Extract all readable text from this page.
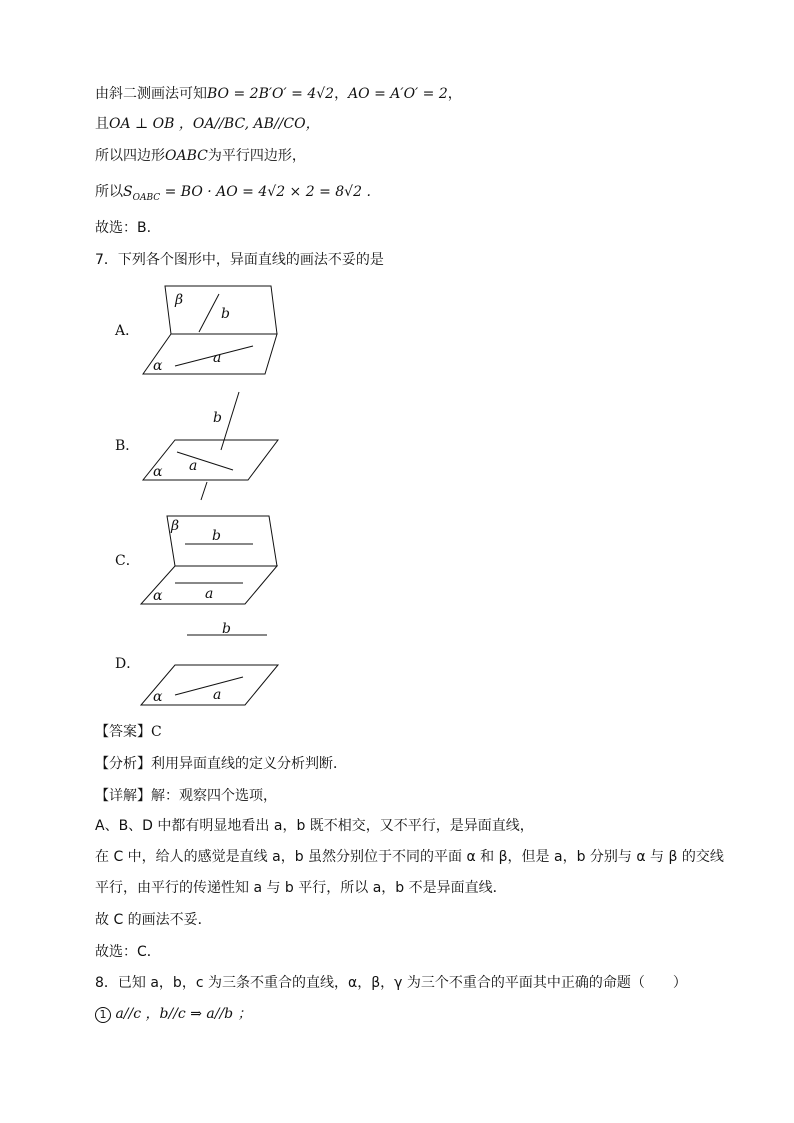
由斜二测画法可知BO = 2B′O′ = 4√2，AO = A′O′ = 2，
且OA ⊥ OB ，OA//BC, AB//CO，
所以四边形OABC为平行四边形，
所以$S_{OABC}$ = BO · AO = 4√2 × 2 = 8√2 .
故选：B.
7．下列各个图形中，异面直线的画法不妥的是
A．
β
b
α	a
B．
b
α a
C．
β
b
α	a
D．
b
α	a
【答案】C
【分析】利用异面直线的定义分析判断．
【详解】解：观察四个选项，
A、B、D 中都有明显地看出 a，b 既不相交，又不平行，是异面直线，
在 C 中，给人的感觉是直线 a，b 虽然分别位于不同的平面 α 和 β，但是 a，b 分别与 α 与 β 的交线
平行，由平行的传递性知 a 与 b 平行，所以 a，b 不是异面直线．
故 C 的画法不妥．
故选：C．
8．已知 a，b，c 为三条不重合的直线，α，β，γ 为三个不重合的平面其中正确的命题（　　）
1 a//c ，b//c ⇒ a//b ；
